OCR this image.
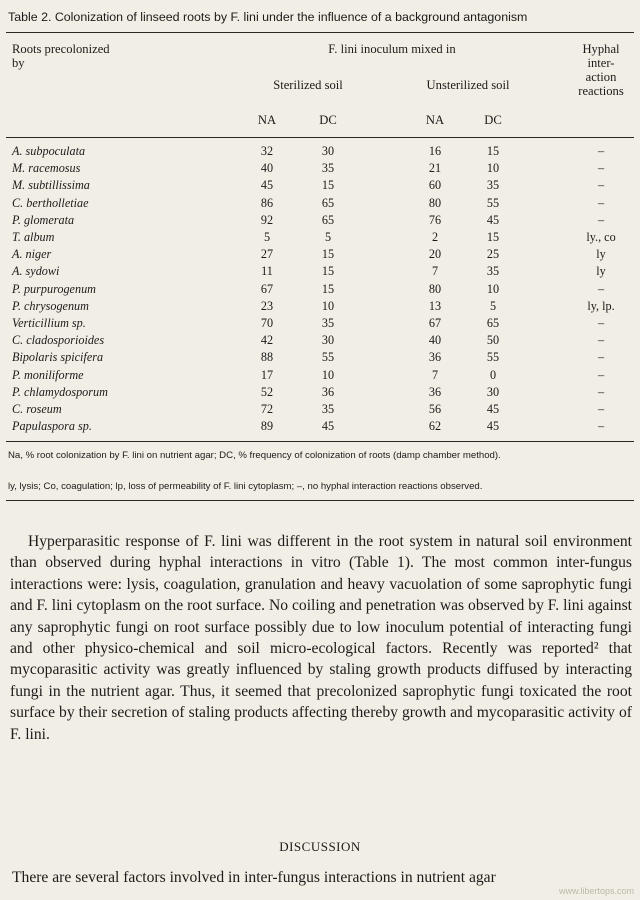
Table 2. Colonization of linseed roots by F. lini under the influence of a background antagonism
Roots precolonized
by
F. lini inoculum mixed in
Sterilized soil	Unsterilized soil
Hyphal
inter-
action
reactions
NA	DC	NA	DC
A. subpoculata	32	30	16	15	–
M. racemosus	40	35	21	10	–
M. subtillissima	45	15	60	35	–
C. bertholletiae	86	65	80	55	–
P. glomerata	92	65	76	45	–
T. album	5	5	2	15	ly., co
A. niger	27	15	20	25	ly
A. sydowi	11	15	7	35	ly
P. purpurogenum	67	15	80	10	–
P. chrysogenum	23	10	13	5	ly, lp.
Verticillium sp.	70	35	67	65	–
C. cladosporioides	42	30	40	50	–
Bipolaris spicifera	88	55	36	55	–
P. moniliforme	17	10	7	0	–
P. chlamydosporum	52	36	36	30	–
C. roseum	72	35	56	45	–
Papulaspora sp.	89	45	62	45	–
Na, % root colonization by F. lini on nutrient agar; DC, % frequency of colonization of roots (damp chamber method).
ly, lysis; Co, coagulation; lp, loss of permeability of F. lini cytoplasm; –, no hyphal interaction reactions observed.

Hyperparasitic response of F. lini was different in the root system in natural soil environment than observed during hyphal interactions in vitro (Table 1). The most common inter-fungus interactions were: lysis, coagulation, granulation and heavy vacuolation of some saprophytic fungi and F. lini cytoplasm on the root surface. No coiling and penetration was observed by F. lini against any saprophytic fungi on root surface possibly due to low inoculum potential of interacting fungi and other physico-chemical and soil micro-ecological factors. Recently was reported² that mycoparasitic activity was greatly influenced by staling growth products diffused by interacting fungi in the nutrient agar. Thus, it seemed that precolonized saprophytic fungi toxicated the root surface by their secretion of staling products affecting thereby growth and mycoparasitic activity of F. lini.

DISCUSSION
There are several factors involved in inter-fungus interactions in nutrient agar
www.libertops.com
